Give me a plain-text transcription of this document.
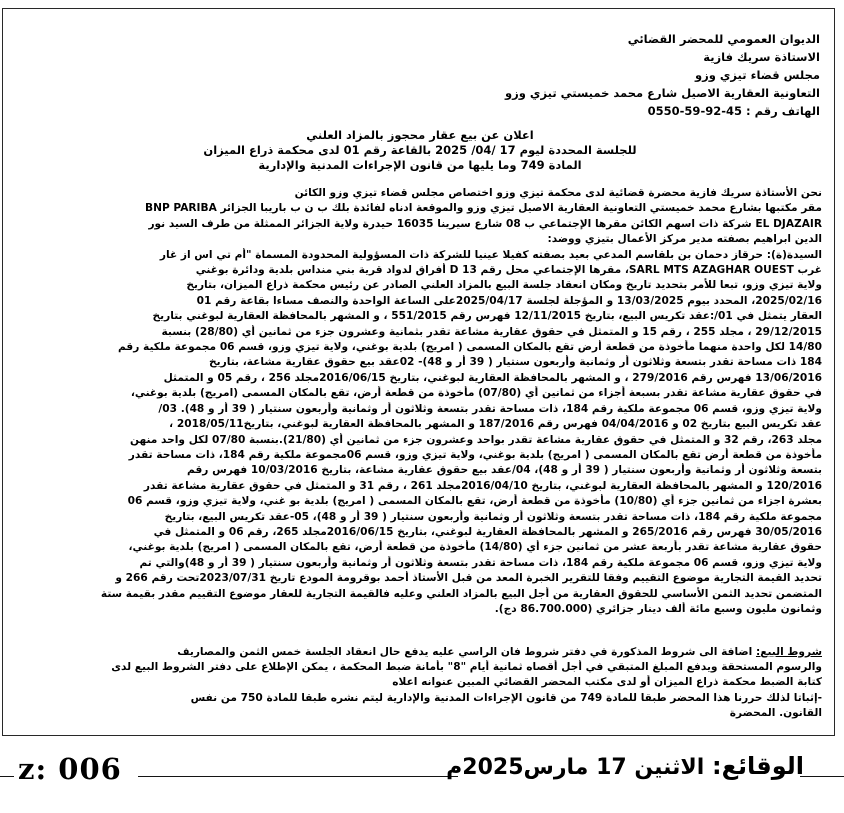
الديوان العمومي للمحضر القضائي
الاستاذة سريك فازية
مجلس قضاء تيزي وزو
التعاونية العقارية الاصيل شارع محمد خميستي تيزي وزو
الهاتف رقم : 45-92-59-0550
اعلان عن بيع عقار محجوز بالمزاد العلني
للجلسة المحددة ليوم 17 /04/ 2025 بالقاعة رقم 01 لدى محكمة ذراع الميزان
المادة 749 وما يليها من قانون الإجراءات المدنية والإدارية
نحن الأستاذة سريك فازية محضرة قضائية لدى محكمة تيزي وزو اختصاص مجلس قضاء تيزي وزو الكائن
مقر مكتبها بشارع محمد خميستي التعاونية العقارية الاصيل تيزي وزو والموقعة ادناه لفائدة بلك ب ن ب باريبا الجزائر BNP PARIBA
EL DJAZAIR شركة ذات اسهم الكائن مقرها الإجتماعي ب 08 شارع سيرينا 16035 حيدرة ولاية الجزائر الممثلة من طرف السيد نور
الدين ابراهيم بصفته مدير مركز الأعمال بتيزي ووضد:
السيدة(ة): حرقاز دحمان بن بلقاسم المدعي بعيد بصفته كفيلا عينيا للشركة ذات المسؤولية المحدودة المسماة "أم تي اس از غار
غرب SARL MTS AZAGHAR OUEST، مقرها الإجتماعي محل رقم D 13 أفراق لدواد قرية بني منداس بلدية ودائرة بوغني
ولاية تيزي وزو، تبعا للأمر بتحديد تاريخ ومكان انعقاد جلسة البيع بالمزاد العلني الصادر عن رئيس محكمة ذراع الميزان، بتاريخ
2025/02/16، المحدد بيوم 13/03/2025 و المؤجلة لجلسة 2025/04/17على الساعة الواحدة والنصف مساءا بقاعة رقم 01
العقار يتمثل في 01/:عقد تكريس البيع، بتاريخ 12/11/2015 فهرس رقم 551/2015 ، و المشهر بالمحافظة العقارية لبوغني بتاريخ
29/12/2015 ، مجلد 255 ، رقم 15 و المتمثل في حقوق عقارية مشاعة تقدر بثمانية وعشرون جزء من ثمانين أي (28/80) بنسبة
14/80 لكل واحدة منهما مأخوذة من قطعة أرض تقع بالمكان المسمى ( امريج) بلدية بوغني، ولاية تيزي وزو، قسم 06 مجموعة ملكية رقم
184 ذات مساحة تقدر بتسعة وثلاثون أر وثمانية وأربعون سنتيار ( 39 أر و 48)- 02عقد بيع حقوق عقارية مشاعة، بتاريخ
13/06/2016 فهرس رقم 279/2016 ، و المشهر بالمحافظة العقارية لبوغني، بتاريخ 2016/06/15مجلد 256 ، رقم 05 و المتمثل
في حقوق عقارية مشاعة تقدر بسبعة أجزاء من ثمانين أي (07/80) مأخوذة من قطعة أرض، تقع بالمكان المسمى (امريج) بلدية بوغني،
ولاية تيزي وزو، قسم 06 مجموعة ملكية رقم 184، ذات مساحة تقدر بتسعة وثلاثون أر وثمانية وأربعون سنتيار ( 39 أر و 48). 03/
عقد تكريس البيع بتاريخ 02 و 04/04/2016 فهرس رقم 187/2016 و المشهر بالمحافظة العقارية لبوغني، بتاريخ2018/05/11 ،
مجلد 263، رقم 32 و المتمثل في حقوق عقارية مشاعة تقدر بواحد وعشرون جزء من ثمانين أي (21/80).بنسبة 07/80 لكل واحد منهن
مأخوذة من قطعة أرض تقع بالمكان المسمى ( امريج) بلدية بوغني، ولاية تيزي وزو، قسم 06مجموعة ملكية رقم 184، ذات مساحة تقدر
بتسعة وثلاثون أر وثمانية وأربعون سنتيار ( 39 أر و 48)، 04/عقد بيع حقوق عقارية مشاعة، بتاريخ 10/03/2016 فهرس رقم
120/2016 و المشهر بالمحافظة العقارية لبوغني، بتاريخ 2016/04/10مجلد 261 ، رقم 31 و المتمثل في حقوق عقارية مشاعة تقدر
بعشرة اجزاء من ثمانين جزء أي (10/80) مأخوذة من قطعة أرض، تقع بالمكان المسمى ( امريج) بلدية بو غني، ولاية تيزي وزو، قسم 06
مجموعة ملكية رقم 184، ذات مساحة تقدر بتسعة وثلاثون أر وثمانية وأربعون سنتيار ( 39 أر و 48)، 05-عقد تكريس البيع، بتاريخ
30/05/2016 فهرس رقم 265/2016 و المشهر بالمحافظة العقارية لبوغني، بتاريخ 2016/06/15مجلد 265، رقم 06 و المتمثل في
حقوق عقارية مشاعة تقدر بأربعة عشر من ثمانين جزء أي (14/80) مأخوذة من قطعة أرض، تقع بالمكان المسمى ( امريج) بلدية بوغني،
ولاية تيزي وزو، قسم 06 مجموعة ملكية رقم 184، ذات مساحة تقدر بتسعة وثلاثون أر وثمانية وأربعون سنتيار ( 39 أر و 48)والتي تم
تحديد القيمة التجارية موضوع التقييم وفقا للتقرير الخبرة المعد من قبل الأستاذ أحمد بوقرومة المودع تاريخ 2023/07/31تحت رقم 266 و
المتضمن تحديد الثمن الأساسي للحقوق العقارية من أجل البيع بالمزاد العلني وعليه فالقيمة التجارية للعقار موضوع التقييم مقدر بقيمة ستة
وثمانون مليون وسبع مائة ألف دينار جزائري (86.700.000 دج).
شروط البيع: اضافة الى شروط المذكورة في دفتر شروط فان الراسي عليه يدفع حال انعقاد الجلسة خمس الثمن والمصاريف
والرسوم المستحقة ويدفع المبلغ المتبقي في أجل أقصاه ثمانية أيام "8" بأمانة ضبط المحكمة ، يمكن الإطلاع على دفتر الشروط البيع لدى
كتابة الضبط محكمة ذراع الميزان أو لدى مكتب المحضر القضائي المبين عنوانه اعلاه
-إثباتا لذلك حررنا هذا المحضر طبقا للمادة 749 من قانون الإجراءات المدنية والإدارية ليتم نشره طبقا للمادة 750 من نفس
القانون. المحضرة
z: 006	الوقائع: الاثنين 17 مارس2025م
